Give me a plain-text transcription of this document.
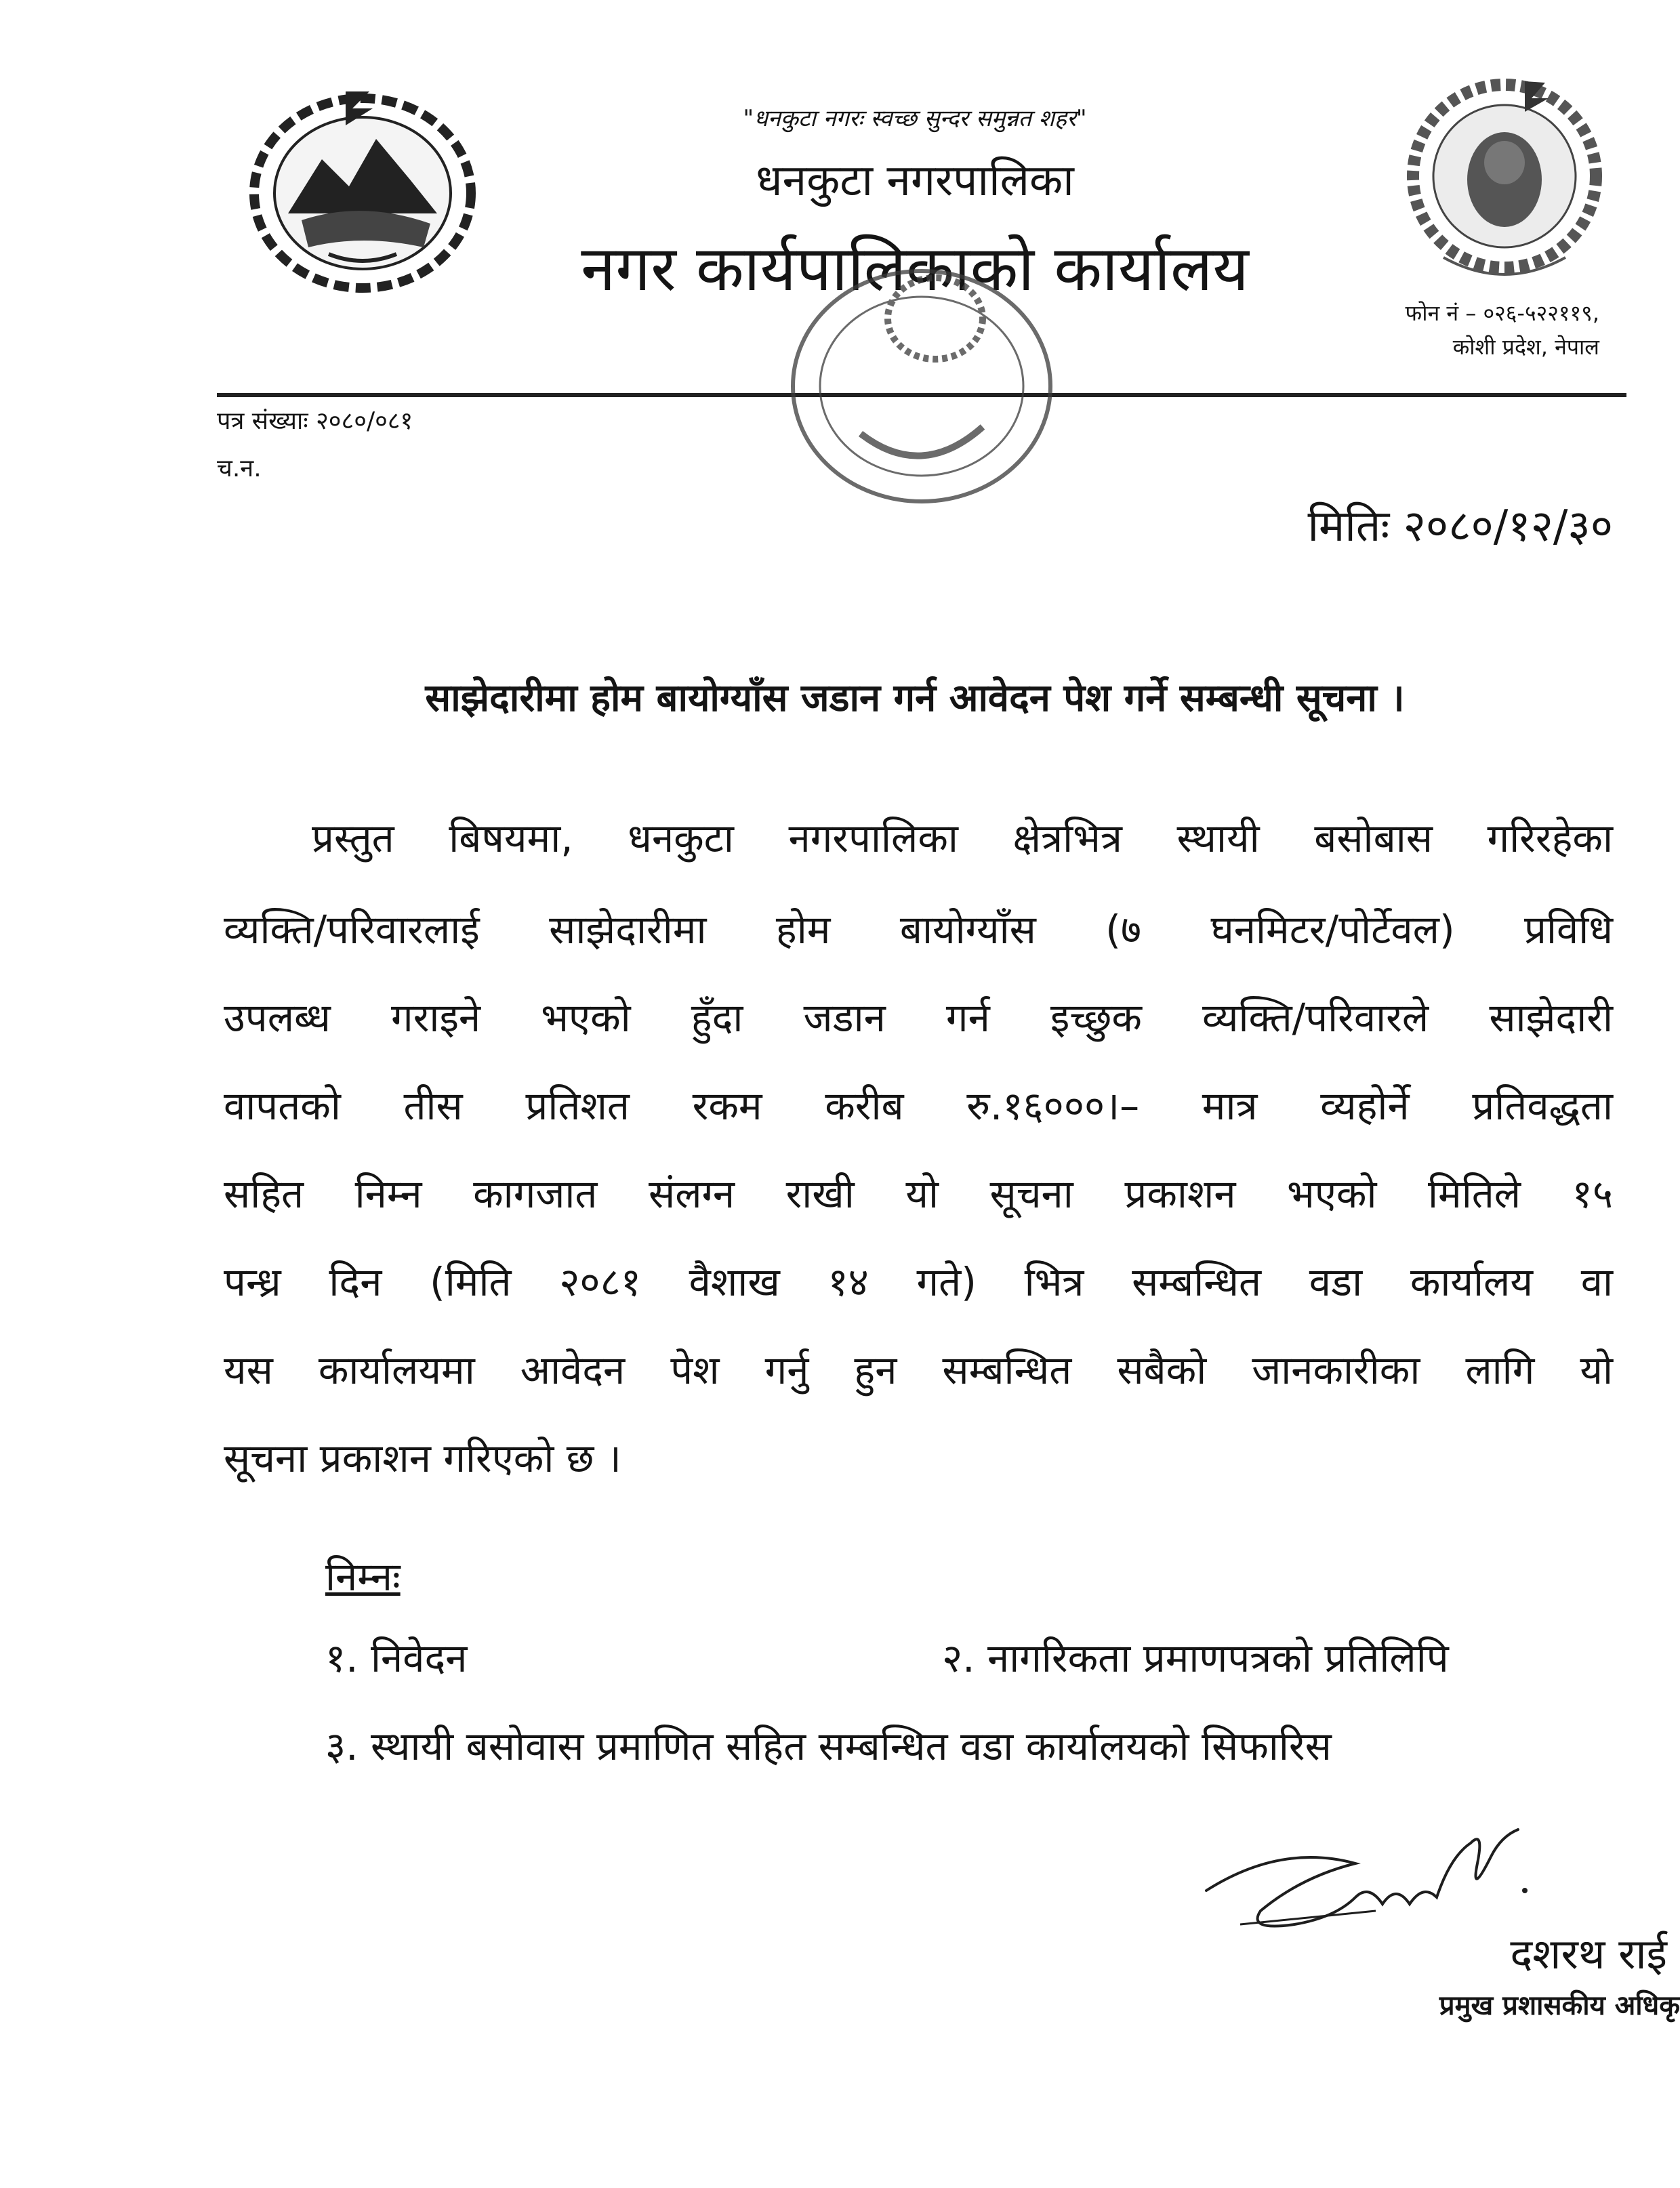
"धनकुटा नगरः स्वच्छ सुन्दर समुन्नत शहर"
धनकुटा नगरपालिका
नगर कार्यपालिकाको कार्यालय
फोन नं – ०२६-५२२११९,
कोशी प्रदेश, नेपाल
पत्र संख्याः २०८०/०८१
च.न.
मितिः २०८०/१२/३०
साझेदारीमा होम बायोग्याँस जडान गर्न आवेदन पेश गर्ने सम्बन्धी सूचना ।
प्रस्तुत बिषयमा, धनकुटा नगरपालिका क्षेत्रभित्र स्थायी बसोबास गरिरहेका
व्यक्ति/परिवारलाई साझेदारीमा होम बायोग्याँस (७ घनमिटर/पोर्टेवल) प्रविधि
उपलब्ध गराइने भएको हुँदा जडान गर्न इच्छुक व्यक्ति/परिवारले साझेदारी
वापतको तीस प्रतिशत रकम करीब रु.१६०००।– मात्र व्यहोर्ने प्रतिवद्धता
सहित निम्न कागजात संलग्न राखी यो सूचना प्रकाशन भएको मितिले १५
पन्ध्र दिन (मिति २०८१ वैशाख १४ गते) भित्र सम्बन्धित वडा कार्यालय वा
यस कार्यालयमा आवेदन पेश गर्नु हुन सम्बन्धित सबैको जानकारीका लागि यो
सूचना प्रकाशन गरिएको छ ।
निम्नः
१. निवेदन	२. नागरिकता प्रमाणपत्रको प्रतिलिपि
३. स्थायी बसोवास प्रमाणित सहित सम्बन्धित वडा कार्यालयको सिफारिस
दशरथ राई
प्रमुख प्रशासकीय अधिकृ
